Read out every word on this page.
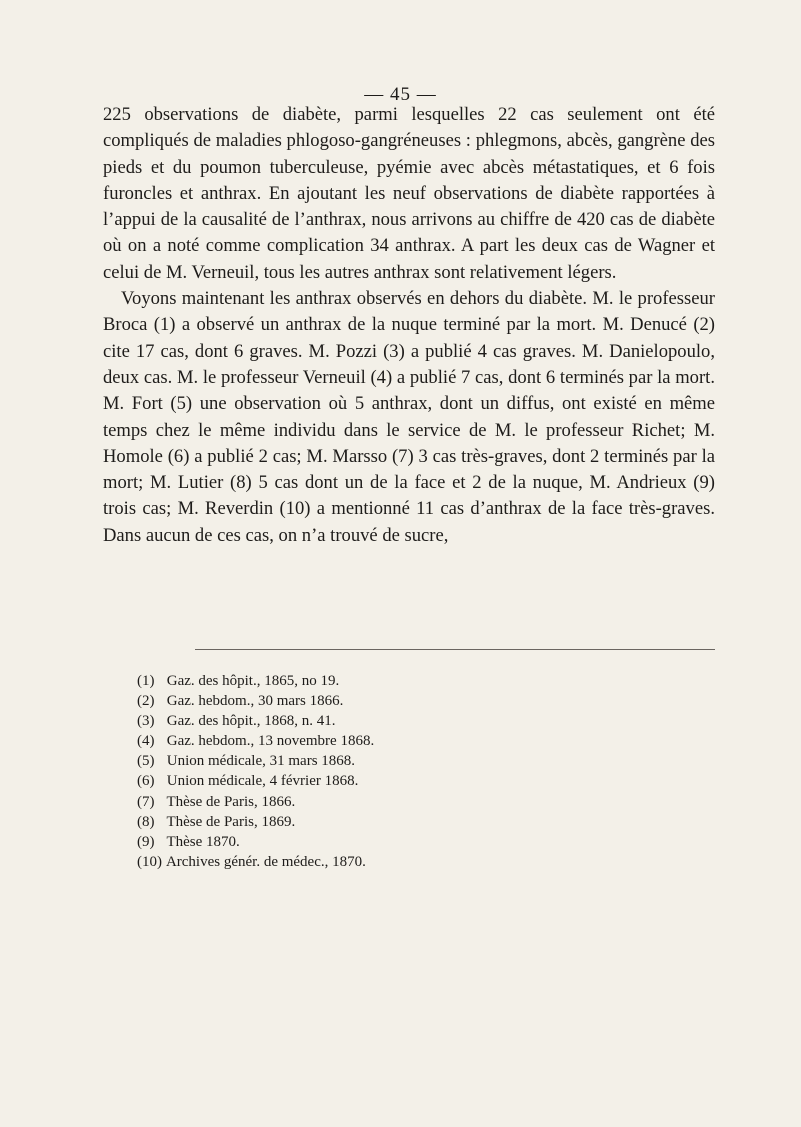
— 45 —

225 observations de diabète, parmi lesquelles 22 cas seulement ont été compliqués de maladies phlogoso-gangréneuses : phlegmons, abcès, gangrène des pieds et du poumon tuberculeuse, pyémie avec abcès métastatiques, et 6 fois furoncles et anthrax. En ajoutant les neuf observations de diabète rapportées à l’appui de la causalité de l’anthrax, nous arrivons au chiffre de 420 cas de diabète où on a noté comme complication 34 anthrax. A part les deux cas de Wagner et celui de M. Verneuil, tous les autres anthrax sont relativement légers.

Voyons maintenant les anthrax observés en dehors du diabète. M. le professeur Broca (1) a observé un anthrax de la nuque terminé par la mort. M. Denucé (2) cite 17 cas, dont 6 graves. M. Pozzi (3) a publié 4 cas graves. M. Danielopoulo, deux cas. M. le professeur Verneuil (4) a publié 7 cas, dont 6 terminés par la mort. M. Fort (5) une observation où 5 anthrax, dont un diffus, ont existé en même temps chez le même individu dans le service de M. le professeur Richet; M. Homole (6) a publié 2 cas; M. Marsso (7) 3 cas très-graves, dont 2 terminés par la mort; M. Lutier (8) 5 cas dont un de la face et 2 de la nuque, M. Andrieux (9) trois cas; M. Reverdin (10) a mentionné 11 cas d’anthrax de la face très-graves. Dans aucun de ces cas, on n’a trouvé de sucre,

(1) Gaz. des hôpit., 1865, no 19.

(2) Gaz. hebdom., 30 mars 1866.

(3) Gaz. des hôpit., 1868, n. 41.

(4) Gaz. hebdom., 13 novembre 1868.

(5) Union médicale, 31 mars 1868.

(6) Union médicale, 4 février 1868.

(7) Thèse de Paris, 1866.

(8) Thèse de Paris, 1869.

(9) Thèse 1870.

(10) Archives génér. de médec., 1870.
